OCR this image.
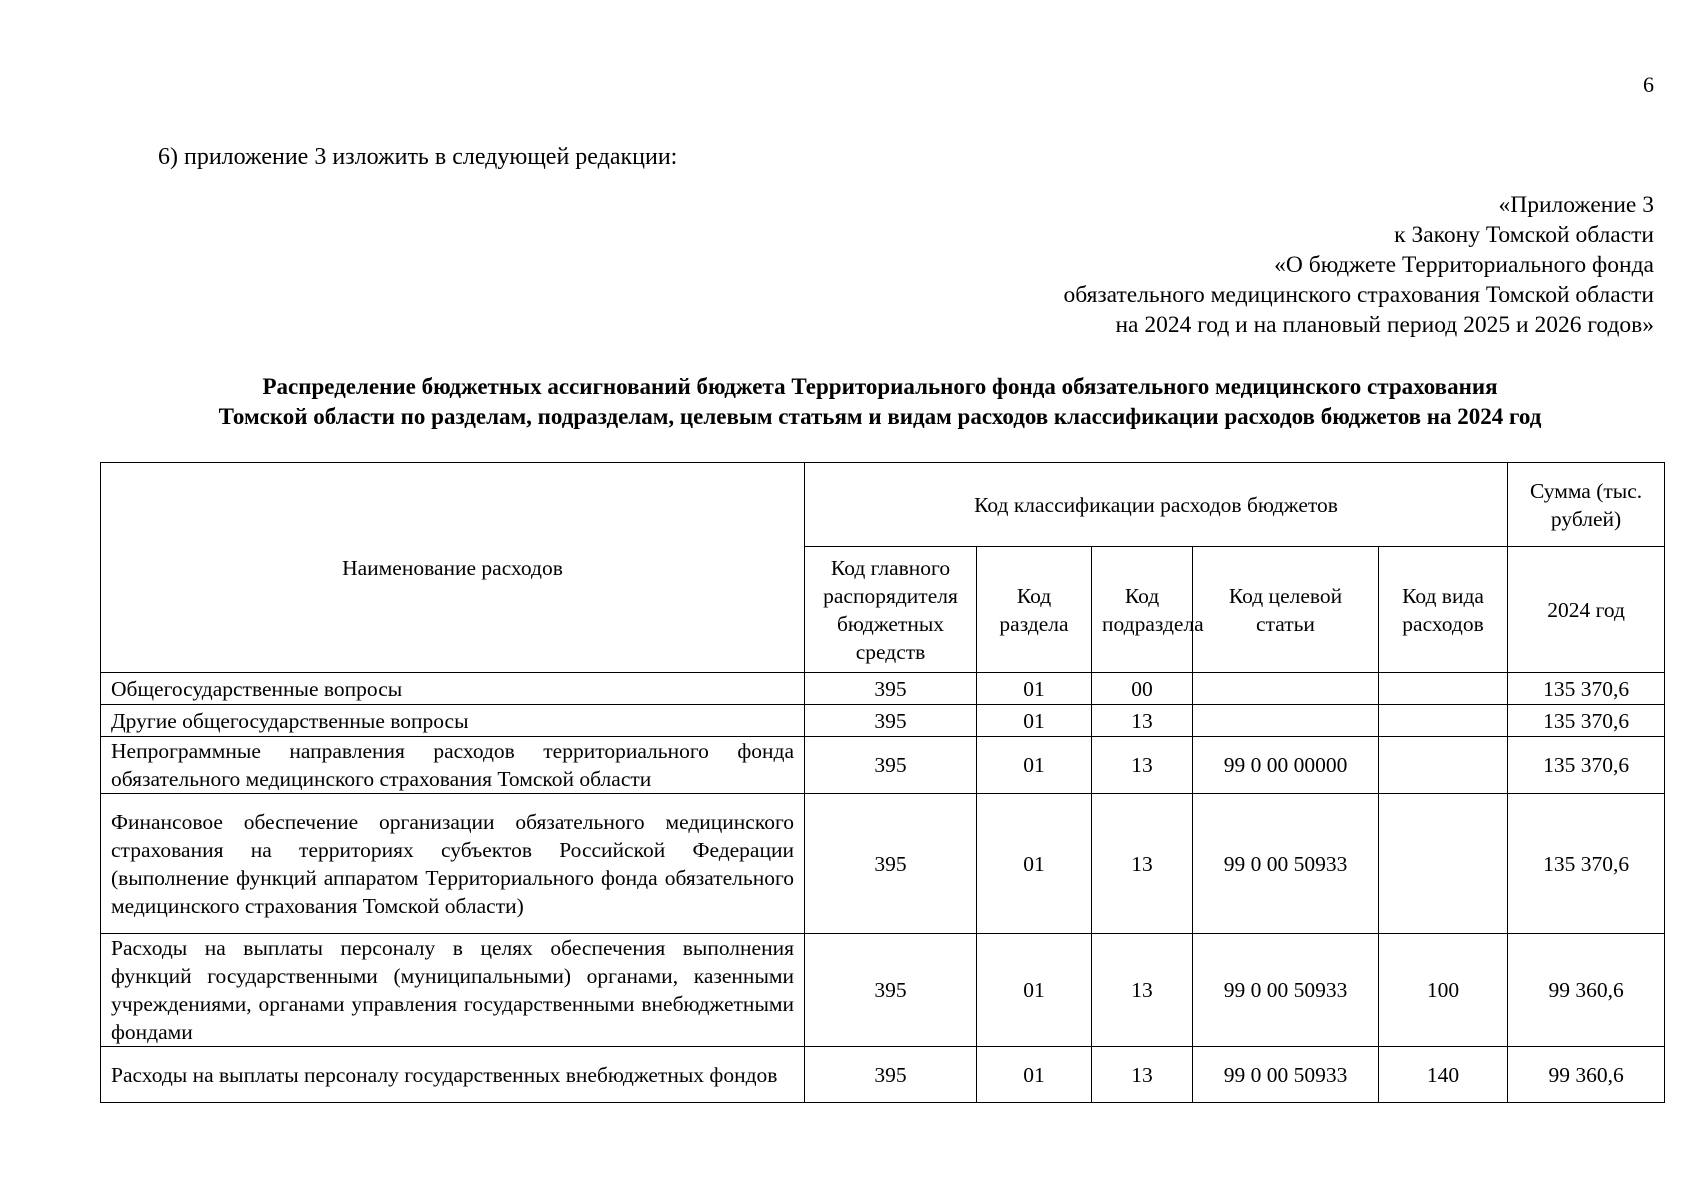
6
6) приложение 3 изложить в следующей редакции:
«Приложение 3
к Закону Томской области
«О бюджете Территориального фонда
обязательного медицинского страхования Томской области
на 2024 год и на плановый период 2025 и 2026 годов»
Распределение бюджетных ассигнований бюджета Территориального фонда обязательного медицинского страхования
Томской области по разделам, подразделам, целевым статьям и видам расходов классификации расходов бюджетов на 2024 год
Наименование расходов	Код классификации расходов бюджетов					Сумма (тыс. рублей)
	Код главного распорядителя бюджетных средств	Код раздела	Код подраздела	Код целевой статьи	Код вида расходов	2024 год
Общегосударственные вопросы	395	01	00			135 370,6
Другие общегосударственные вопросы	395	01	13			135 370,6
Непрограммные направления расходов территориального фонда обязательного медицинского страхования Томской области	395	01	13	99 0 00 00000		135 370,6
Финансовое обеспечение организации обязательного медицинского страхования на территориях субъектов Российской Федерации (выполнение функций аппаратом Территориального фонда обязательного медицинского страхования Томской области)	395	01	13	99 0 00 50933		135 370,6
Расходы на выплаты персоналу в целях обеспечения выполнения функций государственными (муниципальными) органами, казенными учреждениями, органами управления государственными внебюджетными фондами	395	01	13	99 0 00 50933	100	99 360,6
Расходы на выплаты персоналу государственных внебюджетных фондов	395	01	13	99 0 00 50933	140	99 360,6
